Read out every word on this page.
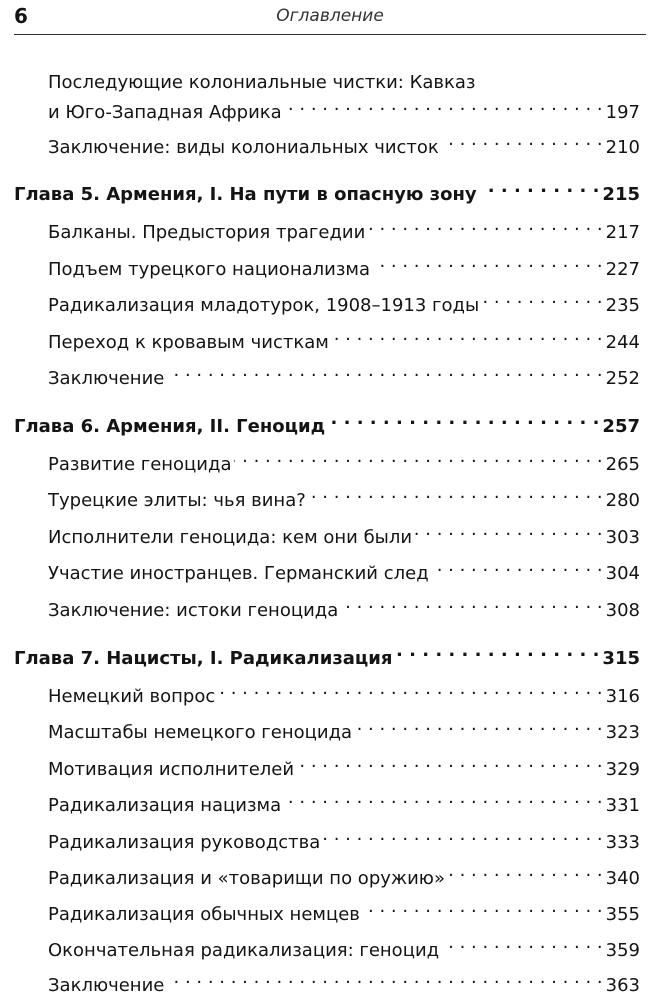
6	Оглавление
Последующие колониальные чистки: Кавказ
и Юго-Западная Африка . . .	197
Заключение: виды колониальных чисток . . .	210
Глава 5. Армения, I. На пути в опасную зону . . .	215
Балканы. Предыстория трагедии . . .	217
Подъем турецкого национализма . . .	227
Радикализация младотурок, 1908–1913 годы . . .	235
Переход к кровавым чисткам . . .	244
Заключение . . .	252
Глава 6. Армения, II. Геноцид . . .	257
Развитие геноцида . . .	265
Турецкие элиты: чья вина? . . .	280
Исполнители геноцида: кем они были . . .	303
Участие иностранцев. Германский след . . .	304
Заключение: истоки геноцида . . .	308
Глава 7. Нацисты, I. Радикализация . . .	315
Немецкий вопрос . . .	316
Масштабы немецкого геноцида . . .	323
Мотивация исполнителей . . .	329
Радикализация нацизма . . .	331
Радикализация руководства . . .	333
Радикализация и «товарищи по оружию» . . .	340
Радикализация обычных немцев . . .	355
Окончательная радикализация: геноцид . . .	359
Заключение . . .	363
